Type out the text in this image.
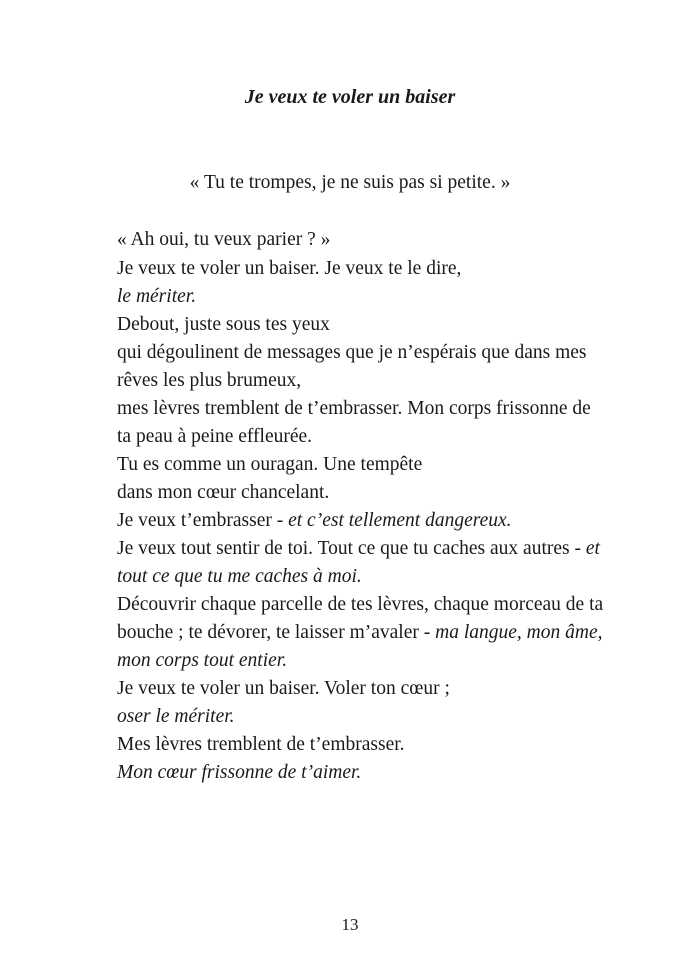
Je veux te voler un baiser
« Tu te trompes, je ne suis pas si petite. »
« Ah oui, tu veux parier ? »
Je veux te voler un baiser. Je veux te le dire,
le mériter.
Debout, juste sous tes yeux
qui dégoulinent de messages que je n’espérais que dans mes
rêves les plus brumeux,
mes lèvres tremblent de t’embrasser. Mon corps frissonne de
ta peau à peine effleurée.
Tu es comme un ouragan. Une tempête
dans mon cœur chancelant.
Je veux t’embrasser - et c’est tellement dangereux.
Je veux tout sentir de toi. Tout ce que tu caches aux autres - et
tout ce que tu me caches à moi.
Découvrir chaque parcelle de tes lèvres, chaque morceau de ta
bouche ; te dévorer, te laisser m’avaler - ma langue, mon âme,
mon corps tout entier.
Je veux te voler un baiser. Voler ton cœur ;
oser le mériter.
Mes lèvres tremblent de t’embrasser.
Mon cœur frissonne de t’aimer.
13
